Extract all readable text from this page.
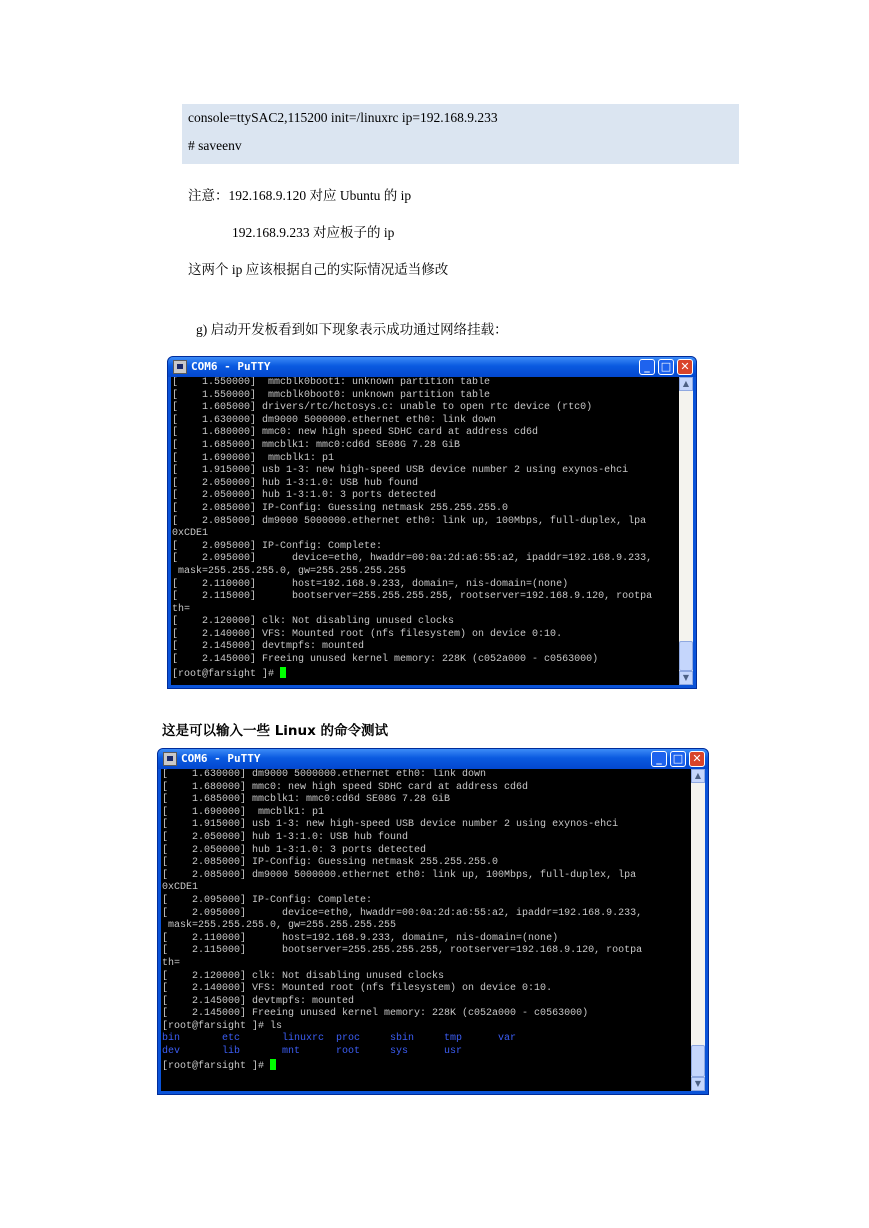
console=ttySAC2,115200 init=/linuxrc ip=192.168.9.233
# saveenv
注意：192.168.9.120 对应 Ubuntu 的 ip
192.168.9.233 对应板子的 ip
这两个 ip 应该根据自己的实际情况适当修改
g) 启动开发板看到如下现象表示成功通过网络挂载：
COM6 - PuTTY	_	□ ✕
[    1.550000]  mmcblk0boot1: unknown partition table
[    1.550000]  mmcblk0boot0: unknown partition table
[    1.605000] drivers/rtc/hctosys.c: unable to open rtc device (rtc0)
[    1.630000] dm9000 5000000.ethernet eth0: link down
[    1.680000] mmc0: new high speed SDHC card at address cd6d
[    1.685000] mmcblk1: mmc0:cd6d SE08G 7.28 GiB
[    1.690000]  mmcblk1: p1
[    1.915000] usb 1-3: new high-speed USB device number 2 using exynos-ehci
[    2.050000] hub 1-3:1.0: USB hub found
[    2.050000] hub 1-3:1.0: 3 ports detected
[    2.085000] IP-Config: Guessing netmask 255.255.255.0
[    2.085000] dm9000 5000000.ethernet eth0: link up, 100Mbps, full-duplex, lpa
0xCDE1
[    2.095000] IP-Config: Complete:
[    2.095000]      device=eth0, hwaddr=00:0a:2d:a6:55:a2, ipaddr=192.168.9.233,
mask=255.255.255.0, gw=255.255.255.255
[    2.110000]      host=192.168.9.233, domain=, nis-domain=(none)
[    2.115000]      bootserver=255.255.255.255, rootserver=192.168.9.120, rootpa
th=
[    2.120000] clk: Not disabling unused clocks
[    2.140000] VFS: Mounted root (nfs filesystem) on device 0:10.
[    2.145000] devtmpfs: mounted
[    2.145000] Freeing unused kernel memory: 228K (c052a000 - c0563000)
[root@farsight ]#
▲
▼
这是可以输入一些 Linux 的命令测试
COM6 - PuTTY	_	□ ✕
[    1.630000] dm9000 5000000.ethernet eth0: link down
[    1.680000] mmc0: new high speed SDHC card at address cd6d
[    1.685000] mmcblk1: mmc0:cd6d SE08G 7.28 GiB
[    1.690000]  mmcblk1: p1
[    1.915000] usb 1-3: new high-speed USB device number 2 using exynos-ehci
[    2.050000] hub 1-3:1.0: USB hub found
[    2.050000] hub 1-3:1.0: 3 ports detected
[    2.085000] IP-Config: Guessing netmask 255.255.255.0
[    2.085000] dm9000 5000000.ethernet eth0: link up, 100Mbps, full-duplex, lpa
0xCDE1
[    2.095000] IP-Config: Complete:
[    2.095000]      device=eth0, hwaddr=00:0a:2d:a6:55:a2, ipaddr=192.168.9.233,
mask=255.255.255.0, gw=255.255.255.255
[    2.110000]      host=192.168.9.233, domain=, nis-domain=(none)
[    2.115000]      bootserver=255.255.255.255, rootserver=192.168.9.120, rootpa
th=
[    2.120000] clk: Not disabling unused clocks
[    2.140000] VFS: Mounted root (nfs filesystem) on device 0:10.
[    2.145000] devtmpfs: mounted
[    2.145000] Freeing unused kernel memory: 228K (c052a000 - c0563000)
[root@farsight ]# ls
bin       etc       linuxrc  proc     sbin     tmp      var
dev       lib       mnt      root     sys      usr
[root@farsight ]#
▲
▼
